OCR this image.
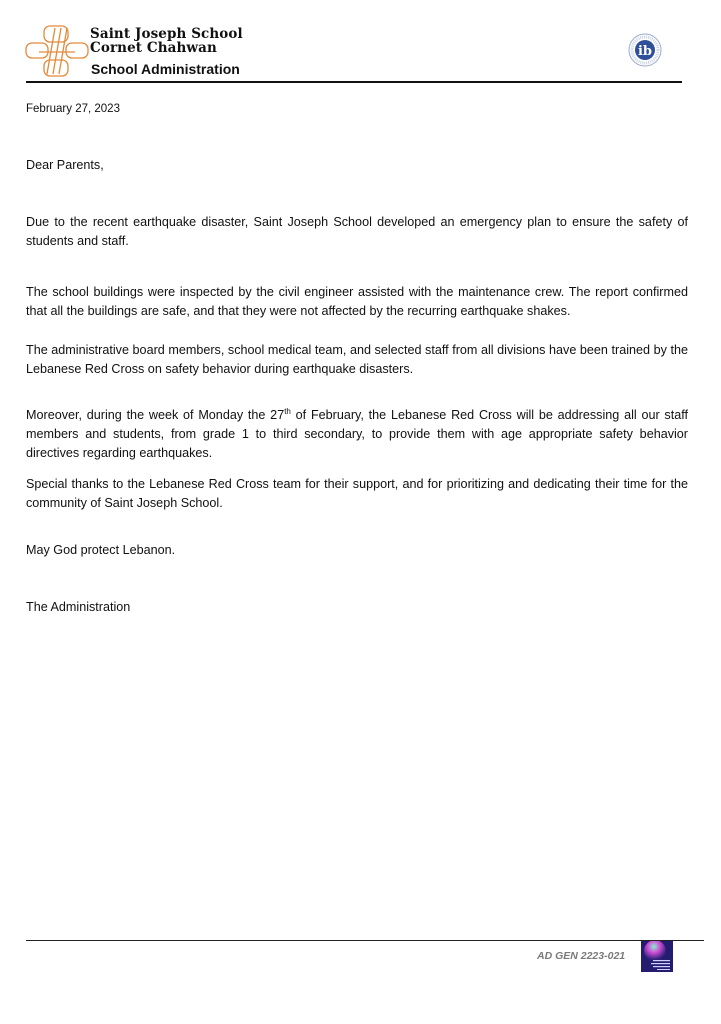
Saint Joseph School
Cornet Chahwan
School Administration
ib
February 27, 2023
Dear Parents,
Due to the recent earthquake disaster, Saint Joseph School developed an emergency plan to ensure the safety of students and staff.
The school buildings were inspected by the civil engineer assisted with the maintenance crew. The report confirmed that all the buildings are safe, and that they were not affected by the recurring earthquake shakes.
The administrative board members, school medical team, and selected staff from all divisions have been trained by the Lebanese Red Cross on safety behavior during earthquake disasters.
Moreover, during the week of Monday the 27th of February, the Lebanese Red Cross will be addressing all our staff members and students, from grade 1 to third secondary, to provide them with age appropriate safety behavior directives regarding earthquakes.
Special thanks to the Lebanese Red Cross team for their support, and for prioritizing and dedicating their time for the community of Saint Joseph School.
May God protect Lebanon.
The Administration
AD GEN 2223-021
